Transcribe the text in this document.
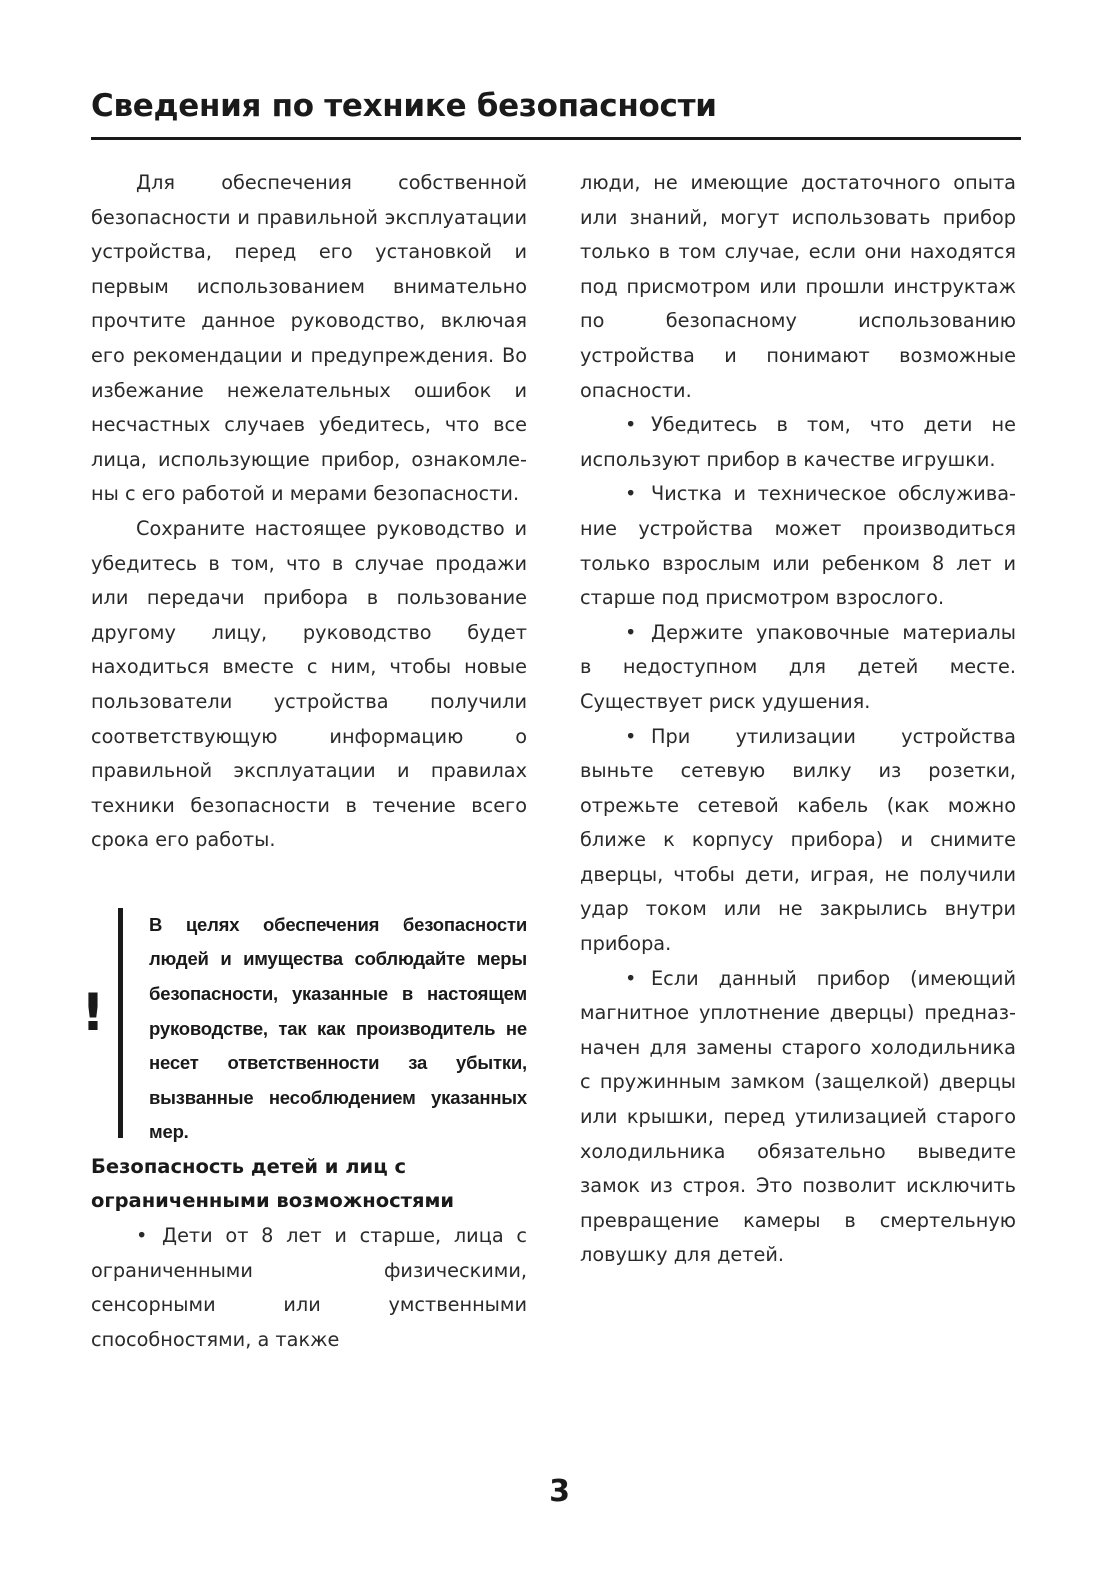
Сведения по технике безопасности

Для обеспечения собственной безопасности и правильной эксплуатации устройства, перед его установкой и первым использованием внимательно прочтите данное руководство, включая его рекомендации и предупреждения. Во избежание нежелательных ошибок и несчастных случаев убедитесь, что все лица, использующие прибор, ознакомлены с его работой и мерами безопасности.

Сохраните настоящее руководство и убедитесь в том, что в случае продажи или передачи прибора в пользование другому лицу, руководство будет находиться вместе с ним, чтобы новые пользователи устройства получили соответствующую информацию о правильной эксплуатации и правилах техники безопасности в течение всего срока его работы.

!

В целях обеспечения безопасности людей и имущества соблюдайте меры безопасности, указанные в настоящем руководстве, так как производитель не несет ответственности за убытки, вызванные несоблюдением указанных мер.

Безопасность детей и лиц с ограниченными возможностями

• Дети от 8 лет и старше, лица с ограниченными физическими, сенсорными или умственными способностями, а также

люди, не имеющие достаточного опыта или знаний, могут использовать прибор только в том случае, если они находятся под присмотром или прошли инструктаж по безопасному использованию устройства и понимают возможные опасности.

• Убедитесь в том, что дети не используют прибор в качестве игрушки.

• Чистка и техническое обслуживание устройства может производиться только взрослым или ребенком 8 лет и старше под присмотром взрослого.

• Держите упаковочные материалы в недоступном для детей месте. Существует риск удушения.

• При утилизации устройства выньте сетевую вилку из розетки, отрежьте сетевой кабель (как можно ближе к корпусу прибора) и снимите дверцы, чтобы дети, играя, не получили удар током или не закрылись внутри прибора.

• Если данный прибор (имеющий магнитное уплотнение дверцы) предназначен для замены старого холодильника с пружинным замком (защелкой) дверцы или крышки, перед утилизацией старого холодильника обязательно выведите замок из строя. Это позволит исключить превращение камеры в смертельную ловушку для детей.

3
